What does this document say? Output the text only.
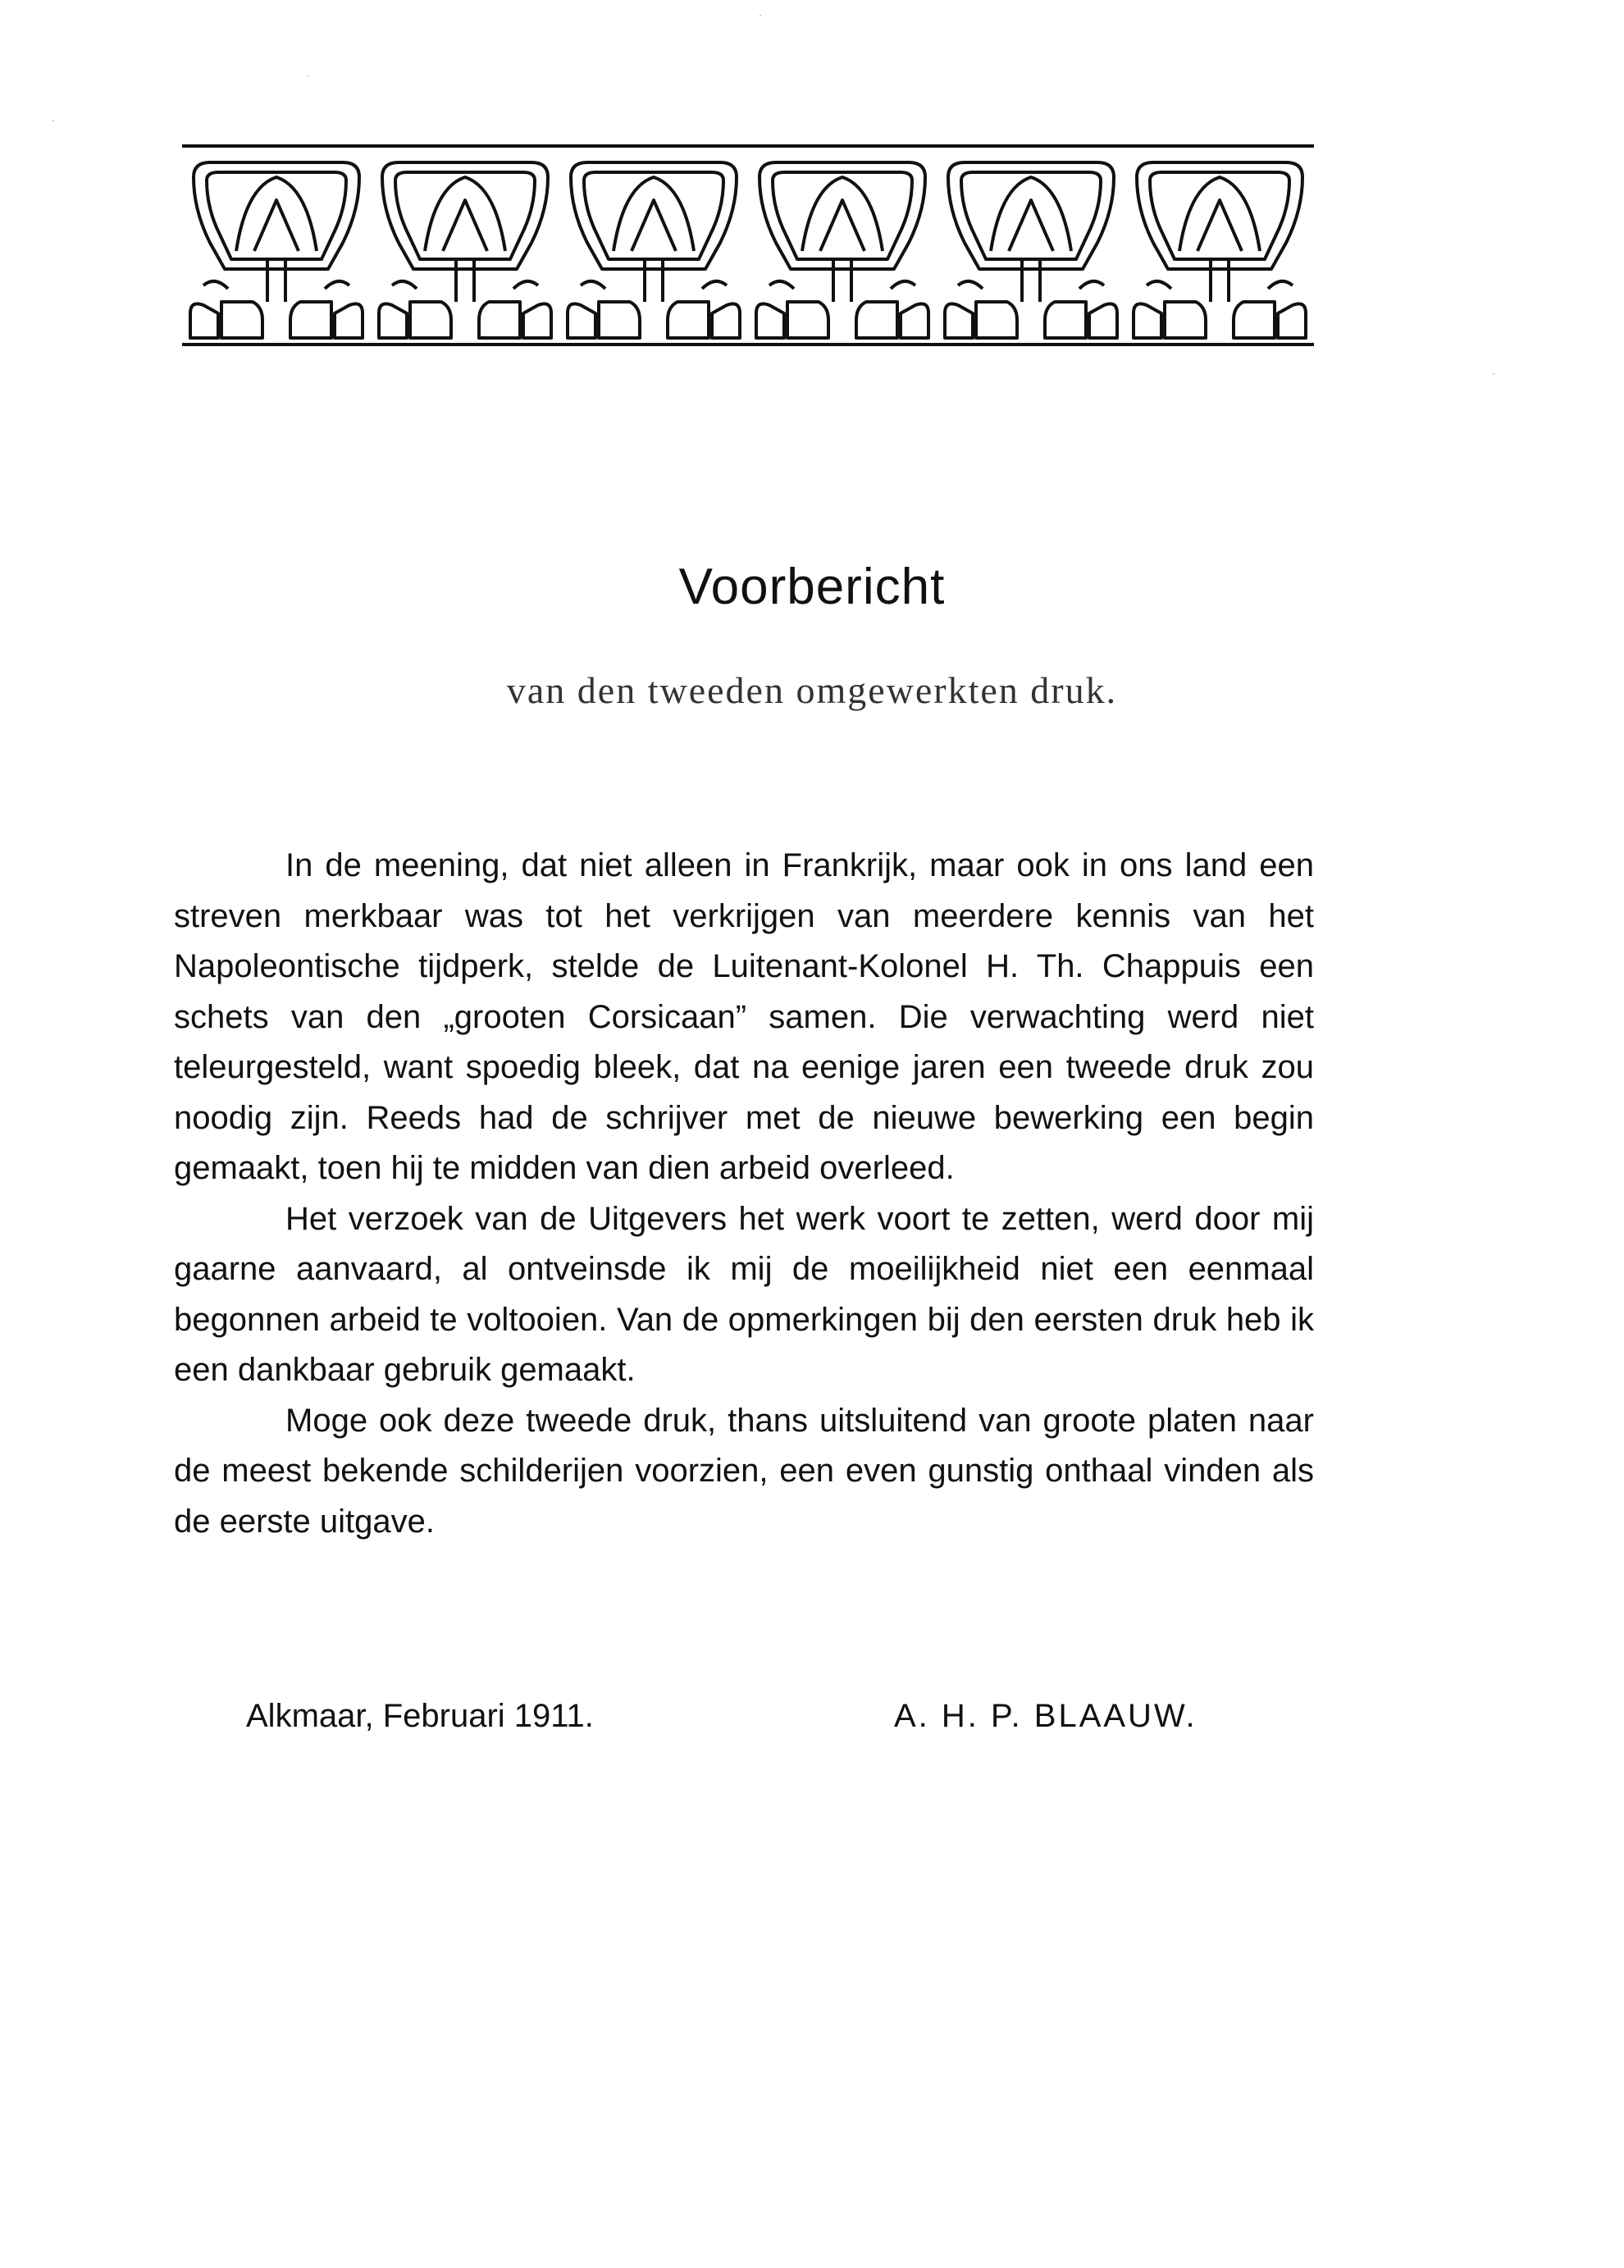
Voorbericht
van den tweeden omgewerkten druk.

In de meening, dat niet alleen in Frankrijk, maar ook in ons land een streven merkbaar was tot het verkrijgen van meerdere kennis van het Napoleontische tijdperk, stelde de Luitenant-Kolonel H. Th. Chappuis een schets van den „grooten Corsicaan” samen. Die verwachting werd niet teleurgesteld, want spoedig bleek, dat na eenige jaren een tweede druk zou noodig zijn. Reeds had de schrijver met de nieuwe bewerking een begin gemaakt, toen hij te midden van dien arbeid overleed.

Het verzoek van de Uitgevers het werk voort te zetten, werd door mij gaarne aanvaard, al ontveinsde ik mij de moeilijkheid niet een eenmaal begonnen arbeid te voltooien. Van de opmerkingen bij den eersten druk heb ik een dankbaar gebruik gemaakt.

Moge ook deze tweede druk, thans uitsluitend van groote platen naar de meest bekende schilderijen voorzien, een even gunstig onthaal vinden als de eerste uitgave.

Alkmaar, Februari 1911.	A. H. P. BLAAUW.
